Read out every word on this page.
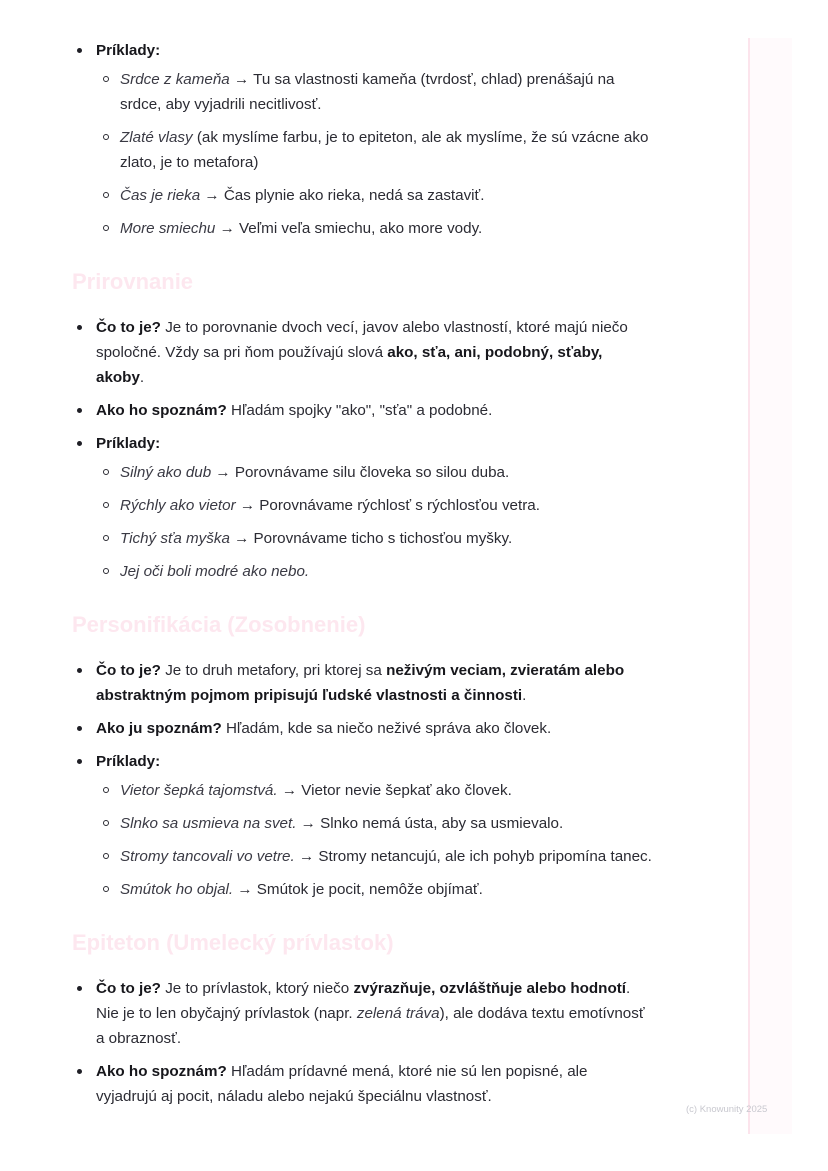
Príklady:
Srdce z kameňa → Tu sa vlastnosti kameňa (tvrdosť, chlad) prenášajú na srdce, aby vyjadrili necitlivosť.
Zlaté vlasy (ak myslíme farbu, je to epiteton, ale ak myslíme, že sú vzácne ako zlato, je to metafora)
Čas je rieka → Čas plynie ako rieka, nedá sa zastaviť.
More smiechu → Veľmi veľa smiechu, ako more vody.
Prirovnanie
Čo to je? Je to porovnanie dvoch vecí, javov alebo vlastností, ktoré majú niečo spoločné. Vždy sa pri ňom používajú slová ako, sťa, ani, podobný, sťaby, akoby.
Ako ho spoznám? Hľadám spojky "ako", "sťa" a podobné.
Príklady:
Silný ako dub → Porovnávame silu človeka so silou duba.
Rýchly ako vietor → Porovnávame rýchlosť s rýchlosťou vetra.
Tichý sťa myška → Porovnávame ticho s tichosťou myšky.
Jej oči boli modré ako nebo.
Personifikácia (Zosobnenie)
Čo to je? Je to druh metafory, pri ktorej sa neživým veciam, zvieratám alebo abstraktným pojmom pripisujú ľudské vlastnosti a činnosti.
Ako ju spoznám? Hľadám, kde sa niečo neživé správa ako človek.
Príklady:
Vietor šepká tajomstvá. → Vietor nevie šepkať ako človek.
Slnko sa usmieva na svet. → Slnko nemá ústa, aby sa usmievalo.
Stromy tancovali vo vetre. → Stromy netancujú, ale ich pohyb pripomína tanec.
Smútok ho objal. → Smútok je pocit, nemôže objímať.
Epiteton (Umelecký prívlastok)
Čo to je? Je to prívlastok, ktorý niečo zvýrazňuje, ozvláštňuje alebo hodnotí. Nie je to len obyčajný prívlastok (napr. zelená tráva), ale dodáva textu emotívnosť a obraznosť.
Ako ho spoznám? Hľadám prídavné mená, ktoré nie sú len popisné, ale vyjadrujú aj pocit, náladu alebo nejakú špeciálnu vlastnosť.
(c) Knowunity 2025
